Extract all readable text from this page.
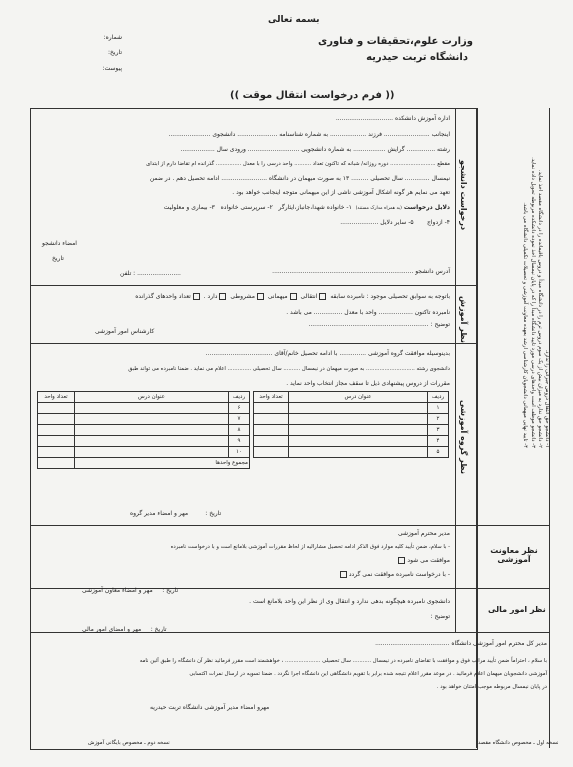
بسمه تعالی
وزارت علوم،تحقیقات و فناوری
دانشگاه تربت حیدریه
شماره:
تاریخ:
پیوست:
(( فرم درخواست انتقال موقت ))
۱- دانشجو حق انتقال دروس جبرانی را ندارد.
۲- دانشجو حق ندارد به میزان بیش از یک سوم دروس ترم را در دانشگاه مبدأ و دروس باقیمانده را در دانشگاه مقصد اخذ نماید.
۳- دانشجو موظف است واحدهای درسی مورد تایید دانشگاه مبدأ را که در پایان نیمسال اخذ نموده دانشکده مربوطه تحویل داده نماید.
۴- تایید نهایی میهمانی دانشجویان کارشناسی ارشد بعهده معاونت آموزشی و تحصیلات تکمیلی دانشگاه می باشد.
درخواست دانشجو
نظر آموزش
نظر گروه آموزشی
نظر معاونت آموزشی
نظر امور مالی
اداره آموزش دانشکده ..............................
اینجانب ........................ فرزند ................... به شماره شناسنامه ..................... دانشجوی ......................
رشته ............... گرایش ................. به شماره دانشجویی ........................... ورودی سال ..................
مقطع ........................... دوره روزانه/ شبانه که تاکنون تعداد .......... واحد درسی را با معدل ............... گذرانده ام تقاضا دارم از ابتدای
نیمسال ............. سال تحصیلی ......... ۱۳ به صورت میهمان در دانشگاه ........................ ادامه تحصیل دهم . در ضمن
تعهد می نمایم هر گونه اشکال آموزشی ناشی از این میهمانی متوجه اینجانب خواهد بود .
دلایل درخواست (به همراه مدارک مستند)  ۱- خانواده شهدا،جانباز،ایثارگر   ۲- سرپرستی خانواده   ۳- بیماری و معلولیت
۴- ازدواج       ۵- سایر دلایل ....................
امضاء دانشجو
تاریخ
آدرس دانشجو ..........................................................................
تلفن : .......................
باتوجه به سوابق تحصیلی موجود : نامبرده سابقه انتقالی میهمانی مشروطی دارد . تعداد واحدهای گذرانده
نامبرده تاکنون .................. واحد با معدل ............... می باشد .
توضیح : ...............................................................
کارشناس امور آموزشی
بدینوسیله موافقت گروه آموزشی .............. با ادامه تحصیل خانم/آقای ...................................
دانشجوی رشته ............................. به صورت میهمان در نیمسال .......... سال تحصیلی .............. اعلام می نماید . ضمنا نامبرده می تواند طبق
مقررات از دروس پیشنهادی ذیل تا سقف مجاز انتخاب واحد نماید .
ردیف	عنوان درس	تعداد واحد
۱		
۲		
۳		
۴		
۵		
ردیف	عنوان درس	تعداد واحد
۶		
۷		
۸		
۹		
۱۰		
مجموع واحدها		
تاریخ :         مهر و امضاء مدیر گروه
مدیر محترم آموزشی
- با سلام، ضمن تأیید کلیه موارد فوق الذکر ادامه تحصیل مشارالیه از لحاظ مقررات آموزشی بلامانع است و با درخواست نامبرده
موافقت می شود
- با درخواست نامبرده موافقت نمی گردد
تاریخ :     مهر و امضاء معاون آموزشی
دانشجوی نامبرده هیچگونه بدهی ندارد و انتقال وی از نظر این واحد بلامانع است .
توضیح :
تاریخ :     مهر و امضای امور مالی
مدیر کل محترم امور آموزشی دانشگاه .......................................
با سلام ، احتراماً ضمن تأیید مراتب فوق و موافقت با تقاضای نامبرده در نیمسال ........... سال تحصیلی ..................... ، خواهشمند است مقرر فرمائید نظر آن دانشگاه را طبق آئین نامه
آموزشی دانشجویان میهمان اعلام فرمائید . در موعد مقرر اعلام نتیجه شده برابر با تقویم دانشگاهی این دانشگاه اجرا نگردد . ضمنا تسویه در ارسال نمرات اکتسابی
در پایان نیمسال مربوطه موجب امتنان خواهد بود .
مهرو امضاء مدیر آموزشی دانشگاه تربت حیدریه
نسخه اول ـ مخصوص دانشگاه مقصد
نسخه دوم ـ مخصوص بایگانی آموزش
